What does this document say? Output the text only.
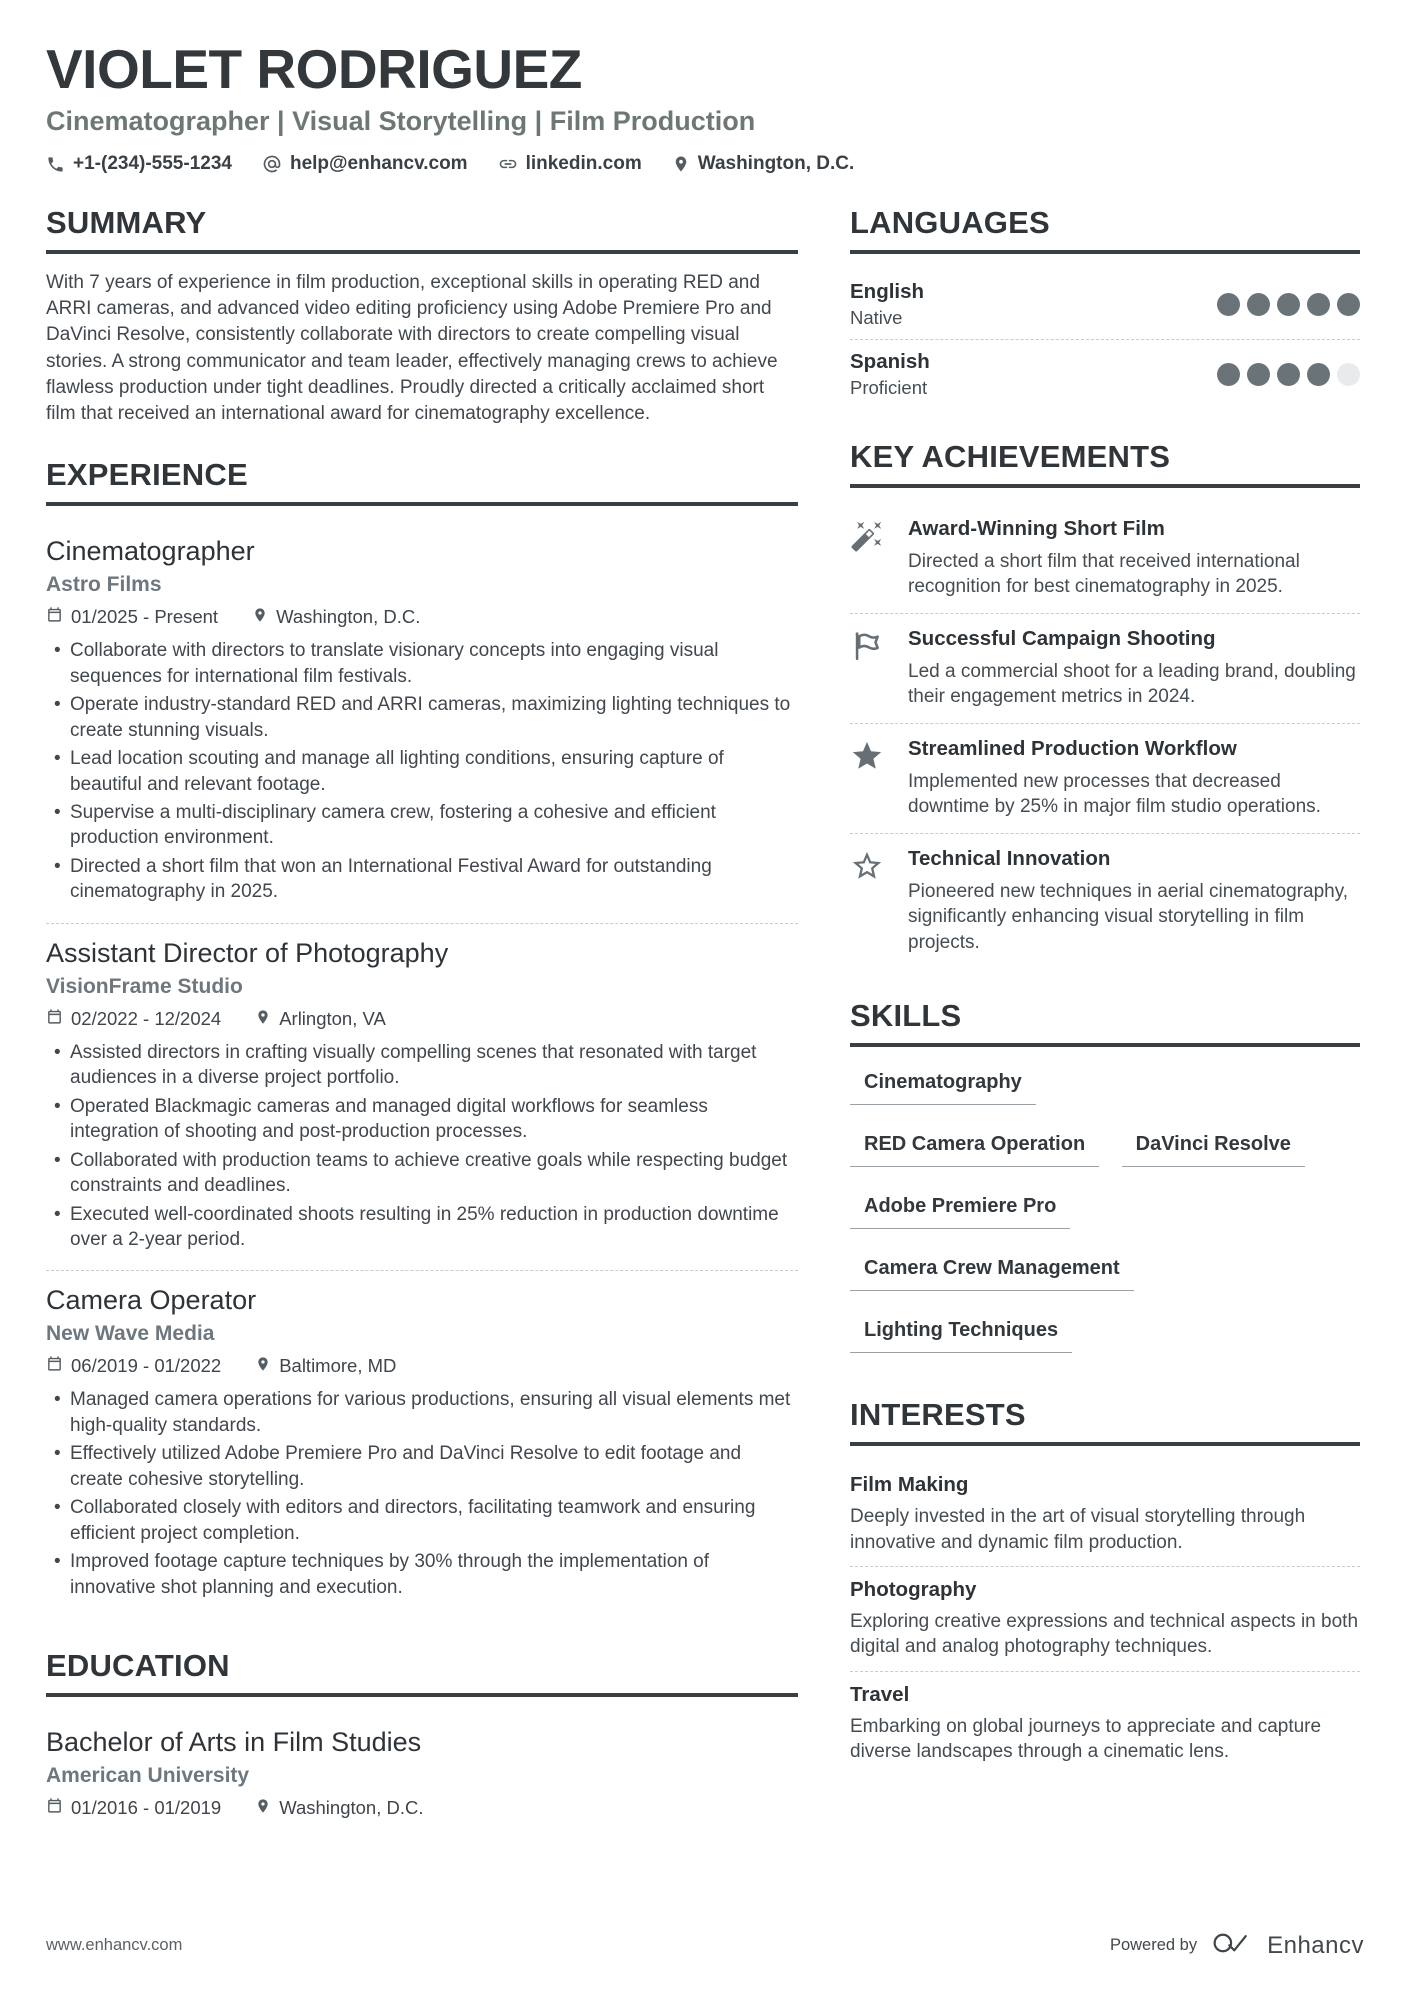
VIOLET RODRIGUEZ
Cinematographer | Visual Storytelling | Film Production
+1-(234)-555-1234	help@enhancv.com	linkedin.com	Washington, D.C.
SUMMARY

With 7 years of experience in film production, exceptional skills in operating RED and ARRI cameras, and advanced video editing proficiency using Adobe Premiere Pro and DaVinci Resolve, consistently collaborate with directors to create compelling visual stories. A strong communicator and team leader, effectively managing crews to achieve flawless production under tight deadlines. Proudly directed a critically acclaimed short film that received an international award for cinematography excellence.

EXPERIENCE
Cinematographer
Astro Films
01/2025 - Present	Washington, D.C.
• Collaborate with directors to translate visionary concepts into engaging visual sequences for international film festivals.
• Operate industry-standard RED and ARRI cameras, maximizing lighting techniques to create stunning visuals.
• Lead location scouting and manage all lighting conditions, ensuring capture of beautiful and relevant footage.
• Supervise a multi-disciplinary camera crew, fostering a cohesive and efficient production environment.
• Directed a short film that won an International Festival Award for outstanding cinematography in 2025.
Assistant Director of Photography
VisionFrame Studio
02/2022 - 12/2024	Arlington, VA
• Assisted directors in crafting visually compelling scenes that resonated with target audiences in a diverse project portfolio.
• Operated Blackmagic cameras and managed digital workflows for seamless integration of shooting and post-production processes.
• Collaborated with production teams to achieve creative goals while respecting budget constraints and deadlines.
• Executed well-coordinated shoots resulting in 25% reduction in production downtime over a 2-year period.
Camera Operator
New Wave Media
06/2019 - 01/2022	Baltimore, MD
• Managed camera operations for various productions, ensuring all visual elements met high-quality standards.
• Effectively utilized Adobe Premiere Pro and DaVinci Resolve to edit footage and create cohesive storytelling.
• Collaborated closely with editors and directors, facilitating teamwork and ensuring efficient project completion.
• Improved footage capture techniques by 30% through the implementation of innovative shot planning and execution.
EDUCATION
Bachelor of Arts in Film Studies
American University
01/2016 - 01/2019	Washington, D.C.
LANGUAGES
English
Native
Spanish
Proficient
KEY ACHIEVEMENTS
Award-Winning Short Film
Directed a short film that received international recognition for best cinematography in 2025.
Successful Campaign Shooting
Led a commercial shoot for a leading brand, doubling their engagement metrics in 2024.
Streamlined Production Workflow
Implemented new processes that decreased downtime by 25% in major film studio operations.
Technical Innovation
Pioneered new techniques in aerial cinematography, significantly enhancing visual storytelling in film projects.
SKILLS
Cinematography
RED Camera Operation	DaVinci Resolve
Adobe Premiere Pro
Camera Crew Management
Lighting Techniques
INTERESTS
Film Making
Deeply invested in the art of visual storytelling through innovative and dynamic film production.
Photography
Exploring creative expressions and technical aspects in both digital and analog photography techniques.
Travel
Embarking on global journeys to appreciate and capture diverse landscapes through a cinematic lens.
www.enhancv.com	Powered by	Enhancv
